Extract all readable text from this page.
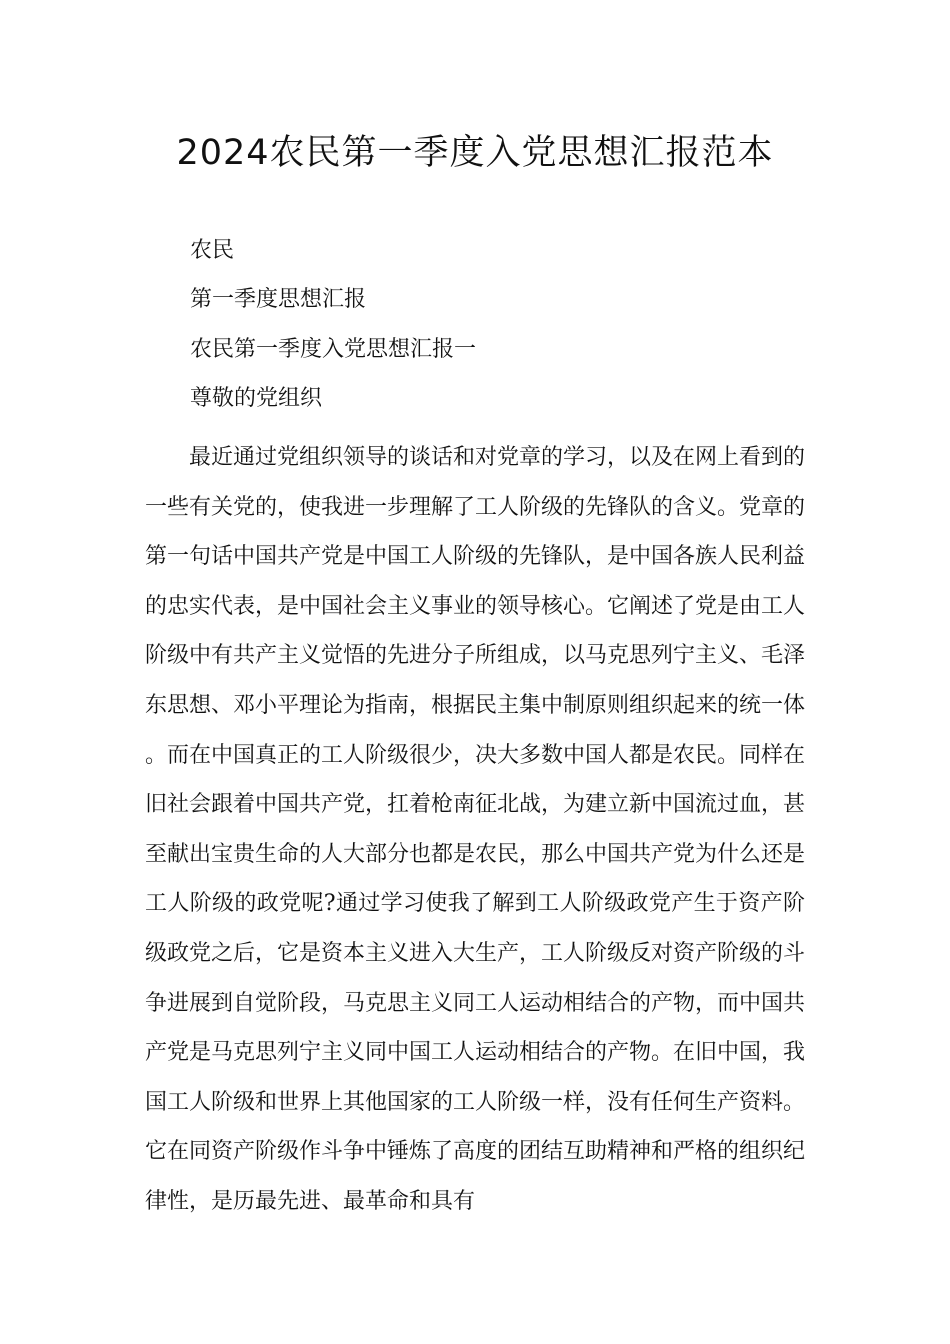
2024农民第一季度入党思想汇报范本

农民

第一季度思想汇报

农民第一季度入党思想汇报一

尊敬的党组织

最近通过党组织领导的谈话和对党章的学习，以及在网上看到的一些有关党的，使我进一步理解了工人阶级的先锋队的含义。党章的第一句话中国共产党是中国工人阶级的先锋队，是中国各族人民利益的忠实代表，是中国社会主义事业的领导核心。它阐述了党是由工人阶级中有共产主义觉悟的先进分子所组成，以马克思列宁主义、毛泽东思想、邓小平理论为指南，根据民主集中制原则组织起来的统一体。而在中国真正的工人阶级很少，决大多数中国人都是农民。同样在旧社会跟着中国共产党，扛着枪南征北战，为建立新中国流过血，甚至献出宝贵生命的人大部分也都是农民，那么中国共产党为什么还是工人阶级的政党呢?通过学习使我了解到工人阶级政党产生于资产阶级政党之后，它是资本主义进入大生产，工人阶级反对资产阶级的斗争进展到自觉阶段，马克思主义同工人运动相结合的产物，而中国共产党是马克思列宁主义同中国工人运动相结合的产物。在旧中国，我国工人阶级和世界上其他国家的工人阶级一样，没有任何生产资料。它在同资产阶级作斗争中锤炼了高度的团结互助精神和严格的组织纪律性，是历最先进、最革命和具有
